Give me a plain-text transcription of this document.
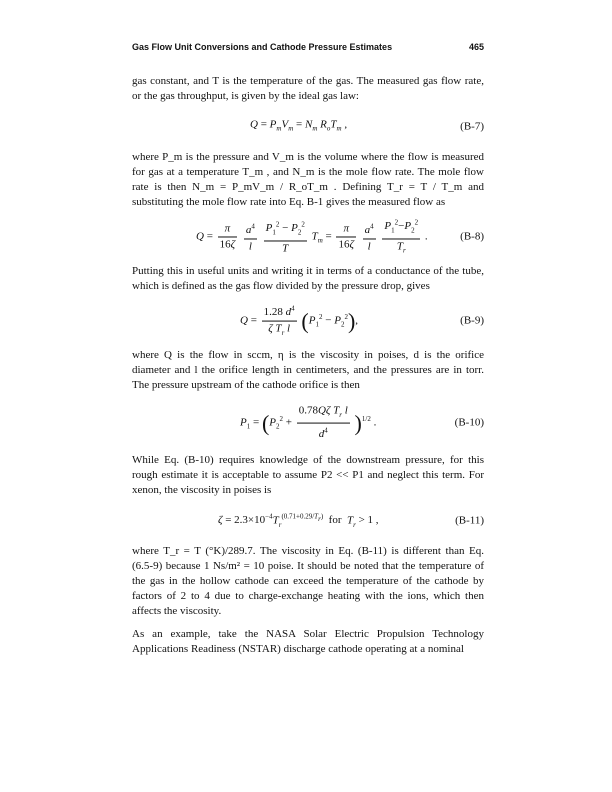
Gas Flow Unit Conversions and Cathode Pressure Estimates	465

gas constant, and T is the temperature of the gas. The measured gas flow rate, or the gas throughput, is given by the ideal gas law:

$Q = P_mV_m = N_m$ $R_oT_m$ ,	(B-7)

where P_m is the pressure and V_m is the volume where the flow is measured for gas at a temperature T_m , and N_m is the mole flow rate. The mole flow rate is then N_m = P_mV_m / R_oT_m . Defining T_r = T / T_m and substituting the mole flow rate into Eq. B-1 gives the measured flow as

$Q = \frac{\pi}{16\zeta}$
$\frac{a^4}{l}$
$\frac{P_1^2 - P_2^2}{T} T_m = \frac{\pi}{16\zeta}$
$\frac{a^4}{l}$
$\frac{P_1^2-P_2^2}{T_r}$ .	(B-8)

Putting this in useful units and writing it in terms of a conductance of the tube, which is defined as the gas flow divided by the pressure drop, gives

$Q = \frac{1.28 d^4}{\zeta T_r l} (P_1^2 - P_2^2)$,	(B-9)

where Q is the flow in sccm, η is the viscosity in poises, d is the orifice diameter and l the orifice length in centimeters, and the pressures are in torr. The pressure upstream of the cathode orifice is then

$P_1 = (P_2^2 + \frac{0.78Q\zeta T_r l}{d^4} )^{1/2}$ .	(B-10)

While Eq. (B-10) requires knowledge of the downstream pressure, for this rough estimate it is acceptable to assume P2 << P1 and neglect this term. For xenon, the viscosity in poises is

$\zeta = 2.3\times 10^{-4}T_r^{(0.71+0.29/T_r)}$  for  $T_r > 1$ ,	(B-11)

where T_r = T (°K)/289.7. The viscosity in Eq. (B-11) is different than Eq. (6.5-9) because 1 Ns/m² = 10 poise. It should be noted that the temperature of the gas in the hollow cathode can exceed the temperature of the cathode by factors of 2 to 4 due to charge-exchange heating with the ions, which then affects the viscosity.

As an example, take the NASA Solar Electric Propulsion Technology Applications Readiness (NSTAR) discharge cathode operating at a nominal
